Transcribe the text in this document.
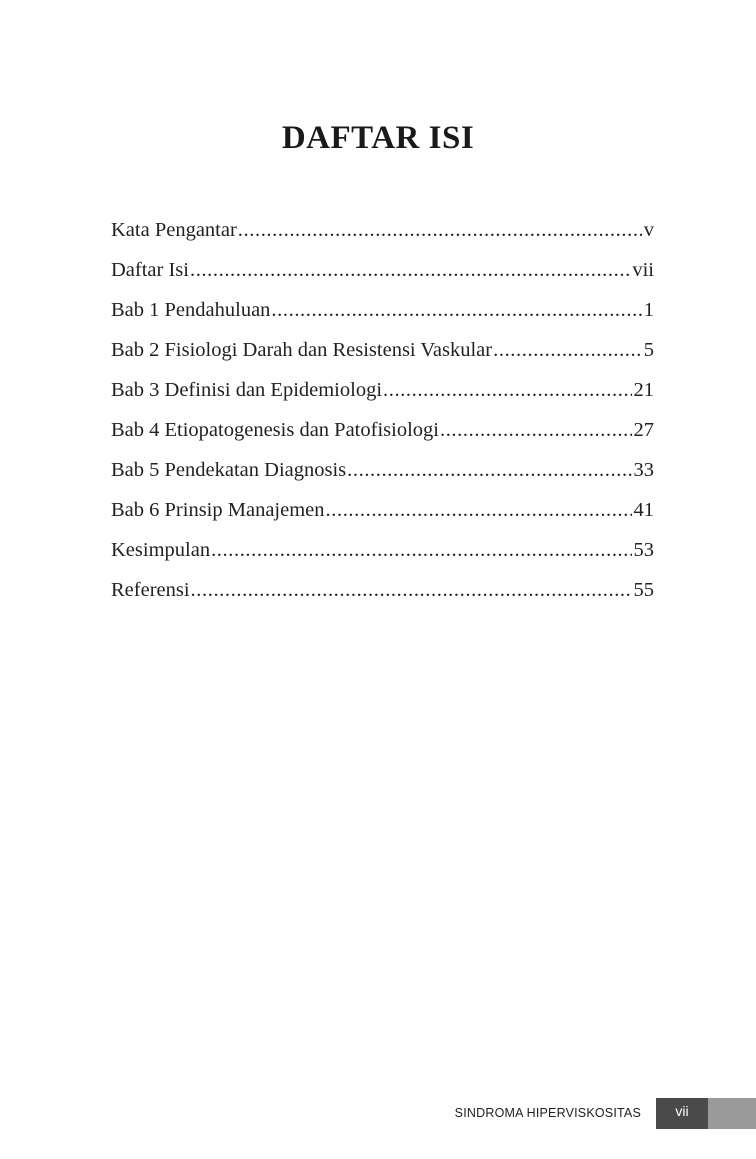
DAFTAR ISI
Kata Pengantar .....	v
Daftar Isi .....	vii
Bab 1 Pendahuluan .....	1
Bab 2 Fisiologi Darah dan Resistensi Vaskular .....	5
Bab 3 Definisi dan Epidemiologi .....	21
Bab 4 Etiopatogenesis dan Patofisiologi .....	27
Bab 5 Pendekatan Diagnosis .....	33
Bab 6 Prinsip Manajemen .....	41
Kesimpulan .....	53
Referensi .....	55
SINDROMA HIPERVISKOSITAS	vii
